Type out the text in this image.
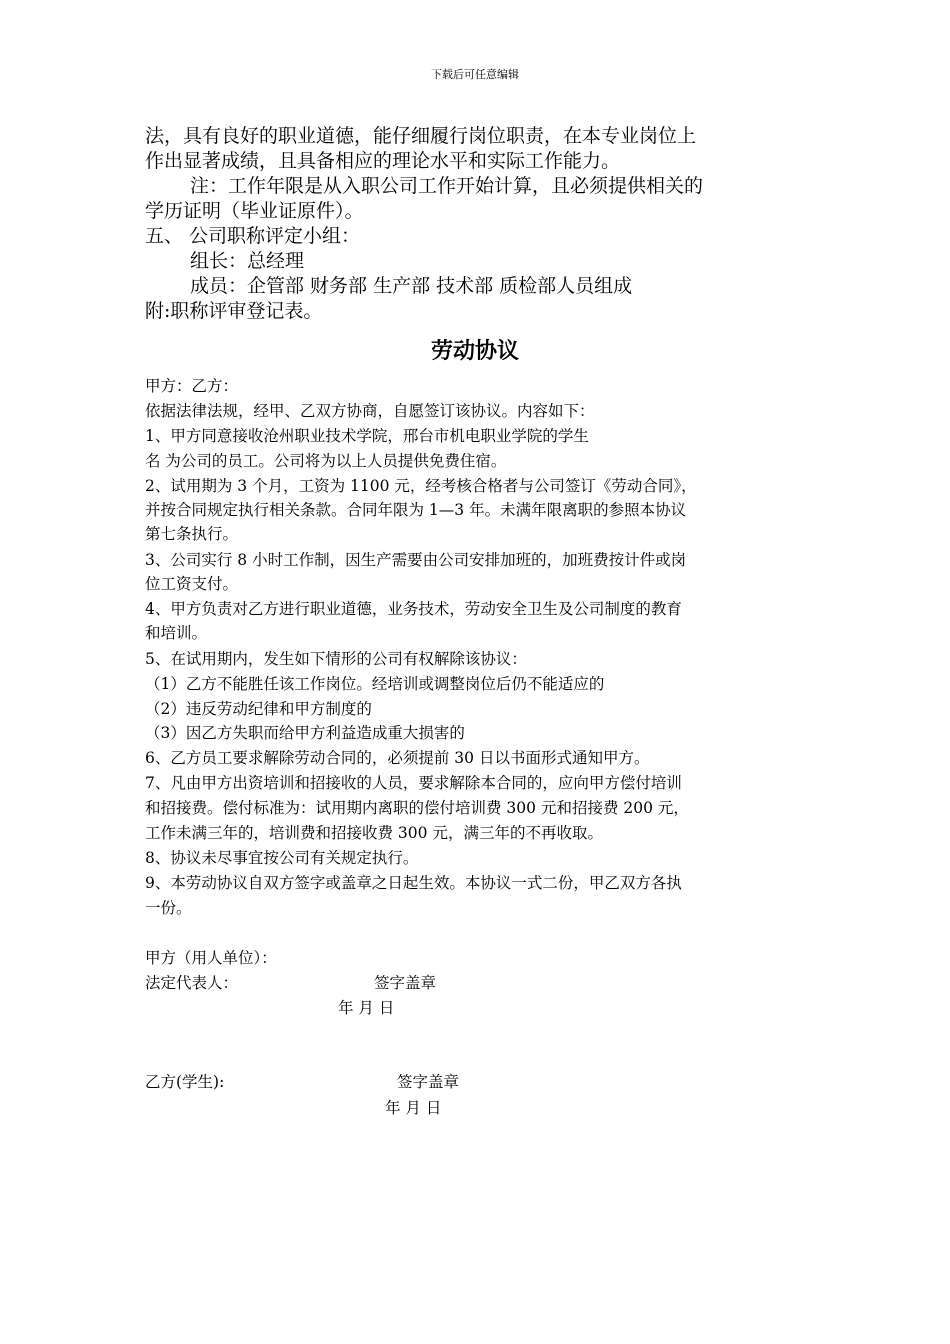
下载后可任意编辑
法，具有良好的职业道德，能仔细履行岗位职责，在本专业岗位上
作出显著成绩，且具备相应的理论水平和实际工作能力。
注：工作年限是从入职公司工作开始计算，且必须提供相关的
学历证明（毕业证原件）。
五、 公司职称评定小组：
组长：总经理
成员：企管部 财务部 生产部 技术部 质检部人员组成
附:职称评审登记表。
劳动协议
甲方：乙方：
依据法律法规，经甲、乙双方协商，自愿签订该协议。内容如下：
1、甲方同意接收沧州职业技术学院，邢台市机电职业学院的学生
名 为公司的员工。公司将为以上人员提供免费住宿。
2、试用期为 3 个月，工资为 1100 元，经考核合格者与公司签订《劳动合同》，
并按合同规定执行相关条款。合同年限为 1—3 年。未满年限离职的参照本协议
第七条执行。
3、公司实行 8 小时工作制，因生产需要由公司安排加班的，加班费按计件或岗
位工资支付。
4、甲方负责对乙方进行职业道德，业务技术，劳动安全卫生及公司制度的教育
和培训。
5、在试用期内，发生如下情形的公司有权解除该协议：
（1）乙方不能胜任该工作岗位。经培训或调整岗位后仍不能适应的
（2）违反劳动纪律和甲方制度的
（3）因乙方失职而给甲方利益造成重大损害的
6、乙方员工要求解除劳动合同的，必须提前 30 日以书面形式通知甲方。
7、凡由甲方出资培训和招接收的人员，要求解除本合同的，应向甲方偿付培训
和招接费。偿付标准为：试用期内离职的偿付培训费 300 元和招接费 200 元，
工作未满三年的，培训费和招接收费 300 元，满三年的不再收取。
8、协议未尽事宜按公司有关规定执行。
9、本劳动协议自双方签字或盖章之日起生效。本协议一式二份，甲乙双方各执
一份。
甲方（用人单位）：
法定代表人：	签字盖章
年 月 日
乙方(学生):	签字盖章
年 月 日
